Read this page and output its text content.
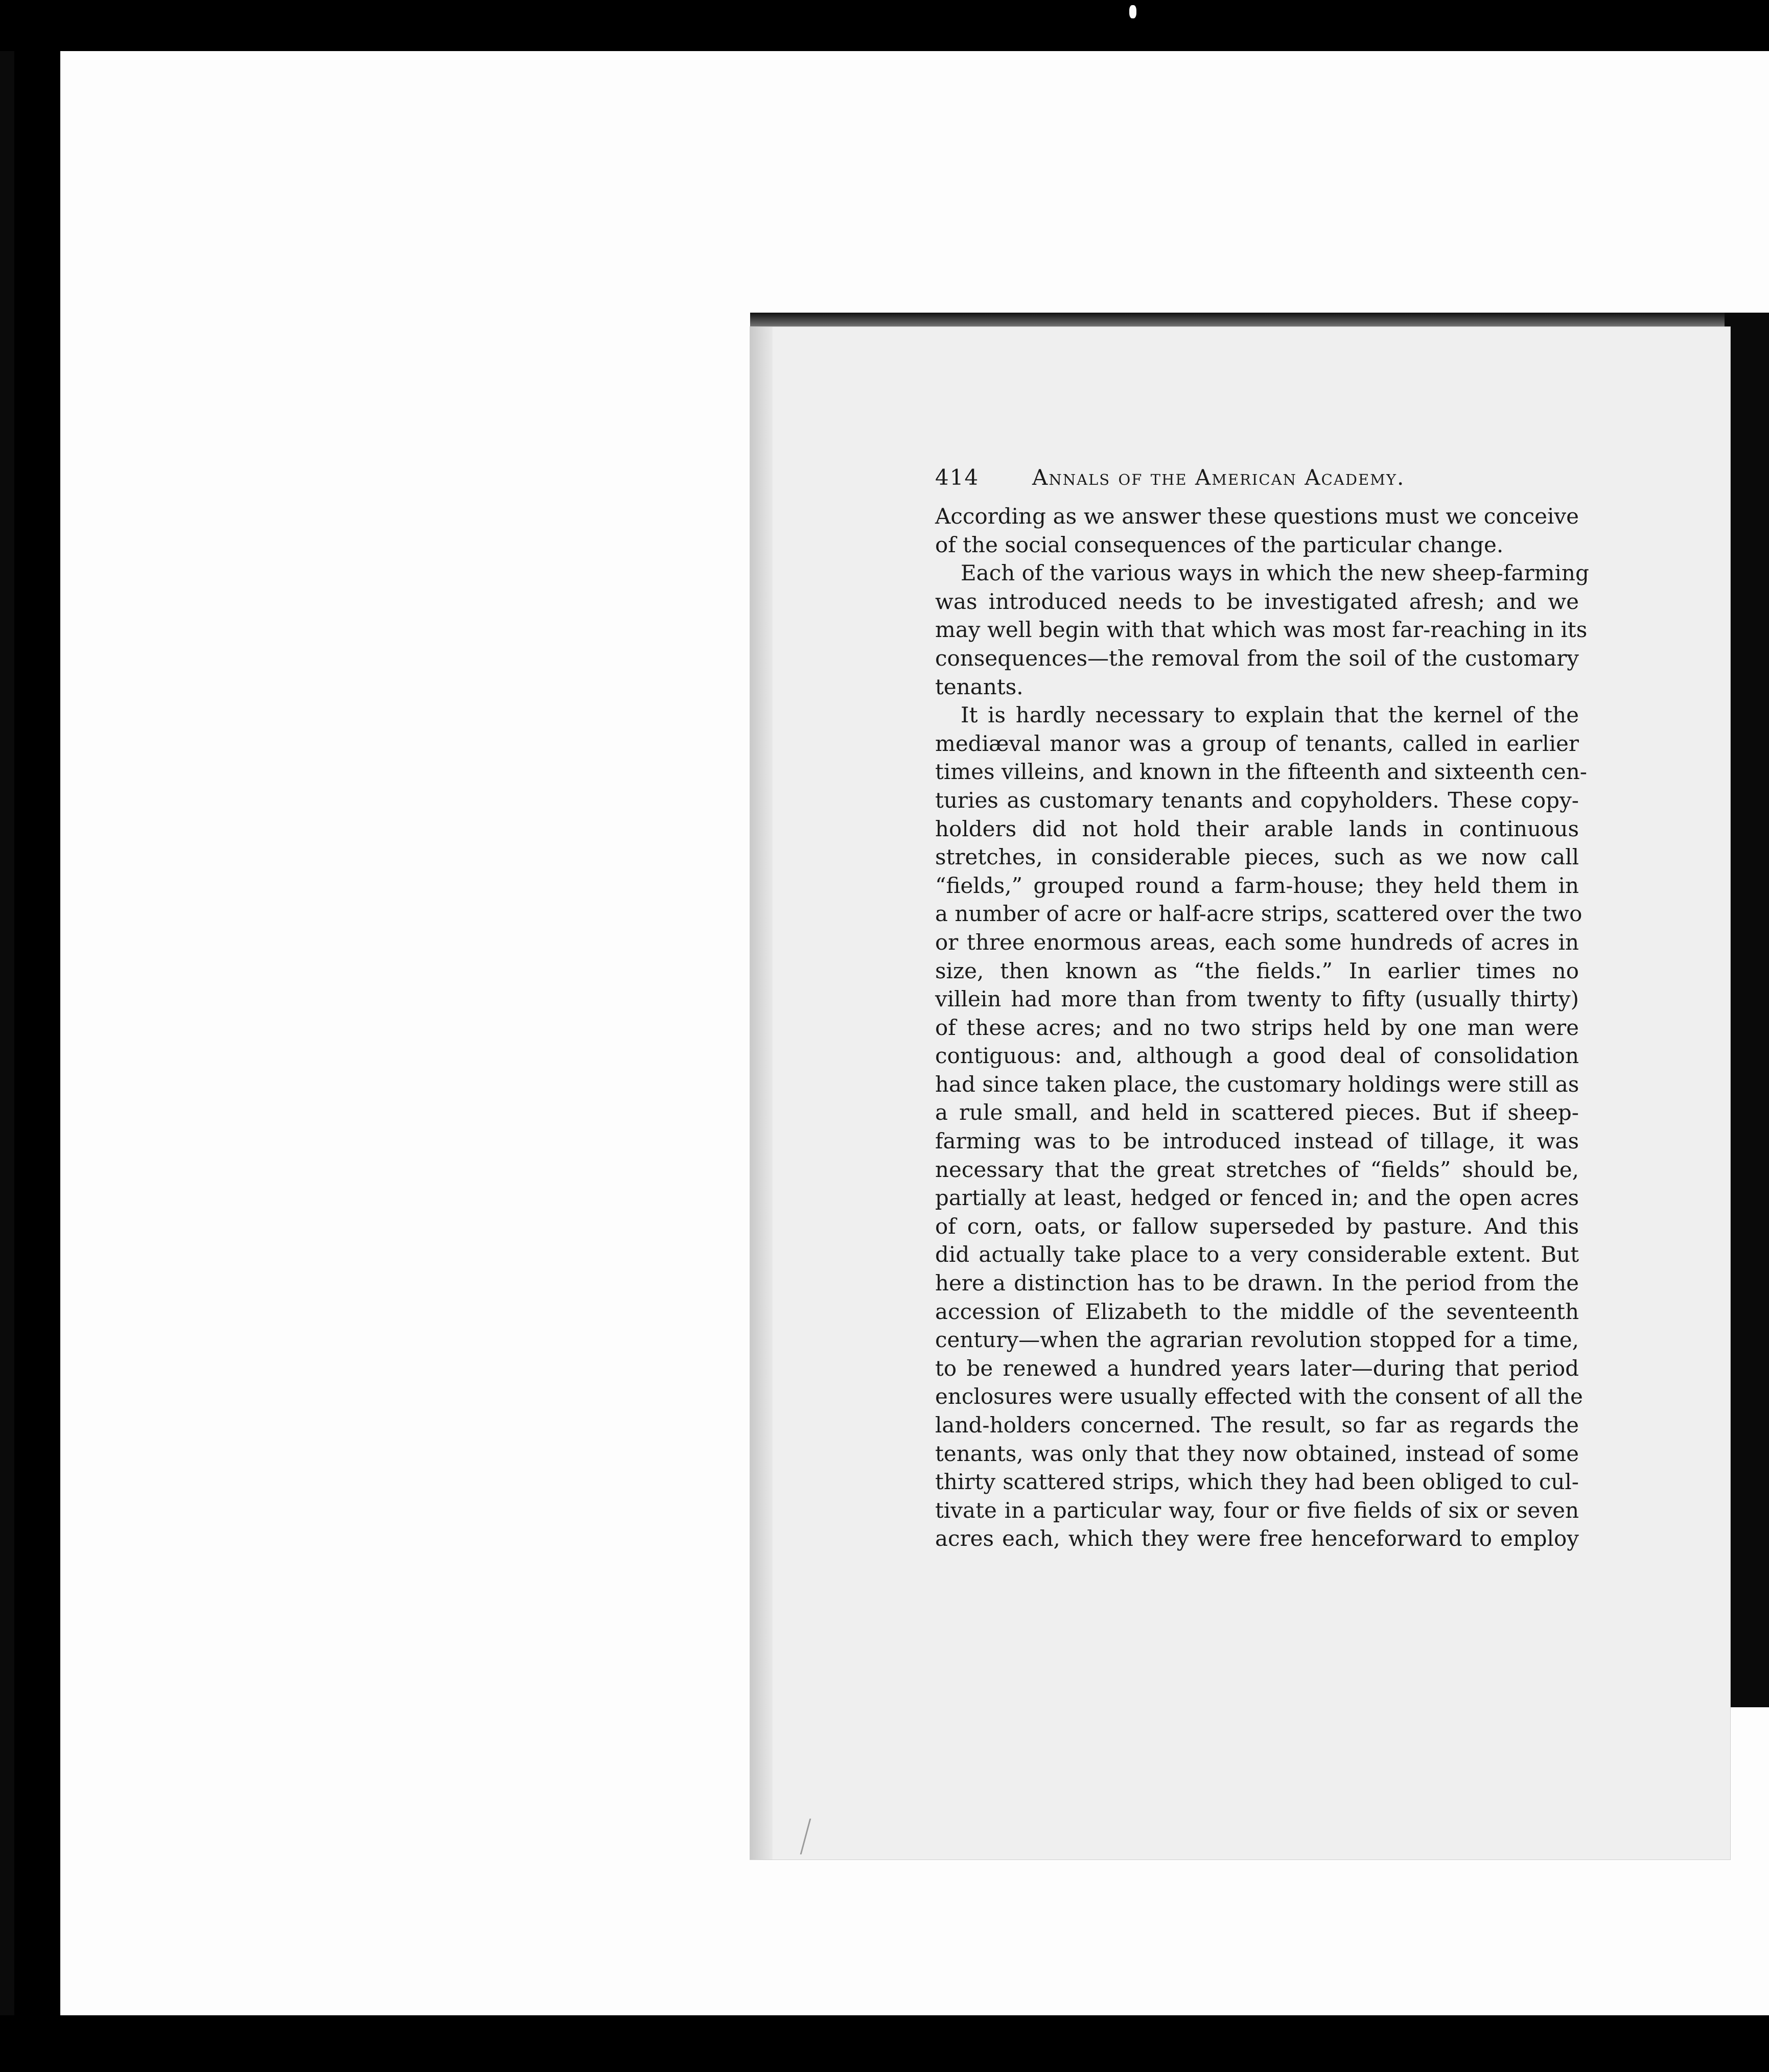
414	Annals of the American Academy.
According as we answer these questions must we conceive
of the social consequences of the particular change.
Each of the various ways in which the new sheep-farming
was introduced needs to be investigated afresh; and we
may well begin with that which was most far-reaching in its
consequences—the removal from the soil of the customary
tenants.
It is hardly necessary to explain that the kernel of the
mediæval manor was a group of tenants, called in earlier
times villeins, and known in the fifteenth and sixteenth cen-
turies as customary tenants and copyholders. These copy-
holders did not hold their arable lands in continuous
stretches, in considerable pieces, such as we now call
“fields,” grouped round a farm-house; they held them in
a number of acre or half-acre strips, scattered over the two
or three enormous areas, each some hundreds of acres in
size, then known as “the fields.” In earlier times no
villein had more than from twenty to fifty (usually thirty)
of these acres; and no two strips held by one man were
contiguous: and, although a good deal of consolidation
had since taken place, the customary holdings were still as
a rule small, and held in scattered pieces. But if sheep-
farming was to be introduced instead of tillage, it was
necessary that the great stretches of “fields” should be,
partially at least, hedged or fenced in; and the open acres
of corn, oats, or fallow superseded by pasture. And this
did actually take place to a very considerable extent. But
here a distinction has to be drawn. In the period from the
accession of Elizabeth to the middle of the seventeenth
century—when the agrarian revolution stopped for a time,
to be renewed a hundred years later—during that period
enclosures were usually effected with the consent of all the
land-holders concerned. The result, so far as regards the
tenants, was only that they now obtained, instead of some
thirty scattered strips, which they had been obliged to cul-
tivate in a particular way, four or five fields of six or seven
acres each, which they were free henceforward to employ
